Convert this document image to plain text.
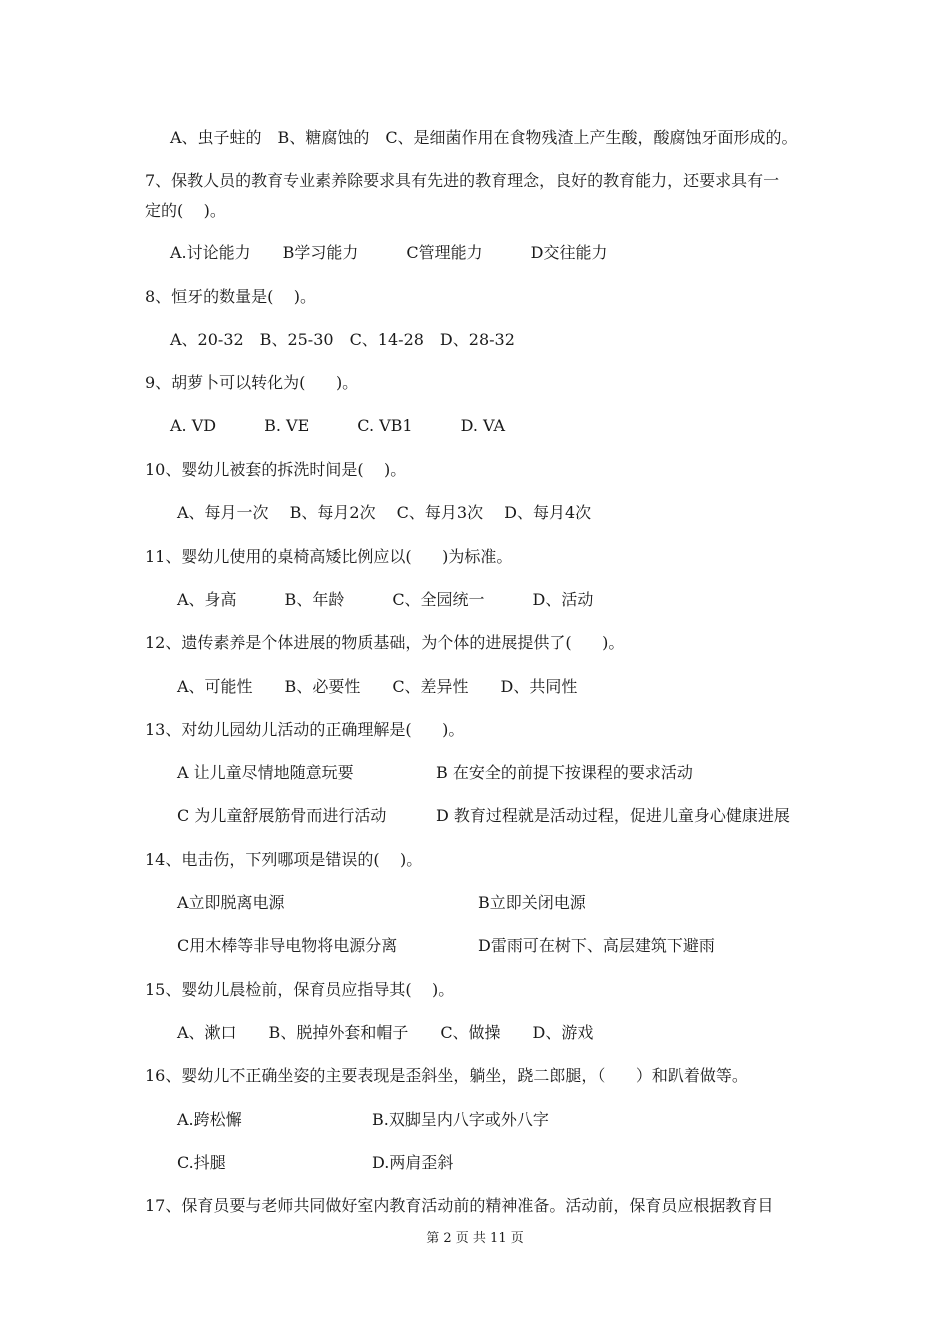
A、虫子蛀的　B、糖腐蚀的　C、是细菌作用在食物残渣上产生酸，酸腐蚀牙面形成的。
7、保教人员的教育专业素养除要求具有先进的教育理念，良好的教育能力，还要求具有一
定的(    )。
A.讨论能力　　B学习能力　　　C管理能力　　　D交往能力
8、恒牙的数量是(    )。
A、20-32　B、25-30　C、14-28　D、28-32
9、胡萝卜可以转化为(      )。
A. VD　　　B. VE　　　C. VB1　　　D. VA
10、婴幼儿被套的拆洗时间是(    )。
A、每月一次　 B、每月2次　 C、每月3次　 D、每月4次
11、婴幼儿使用的桌椅高矮比例应以(      )为标准。
A、身高　　　B、年龄　　　C、全园统一　　　D、活动
12、遗传素养是个体进展的物质基础，为个体的进展提供了(      )。
A、可能性　　B、必要性　　C、差异性　　D、共同性
13、对幼儿园幼儿活动的正确理解是(      )。
A 让儿童尽情地随意玩要	B 在安全的前提下按课程的要求活动
C 为儿童舒展筋骨而进行活动	D 教育过程就是活动过程，促进儿童身心健康进展
14、电击伤，下列哪项是错误的(    )。
A立即脱离电源	B立即关闭电源
C用木棒等非导电物将电源分离	D雷雨可在树下、高层建筑下避雨
15、婴幼儿晨检前，保育员应指导其(    )。
A、漱口　　B、脱掉外套和帽子　　C、做操　　D、游戏
16、婴幼儿不正确坐姿的主要表现是歪斜坐，躺坐，跷二郎腿，（      ）和趴着做等。
A.跨松懈	B.双脚呈内八字或外八字
C.抖腿	D.两肩歪斜
17、保育员要与老师共同做好室内教育活动前的精神准备。活动前，保育员应根据教育目
第 2 页 共 11 页
